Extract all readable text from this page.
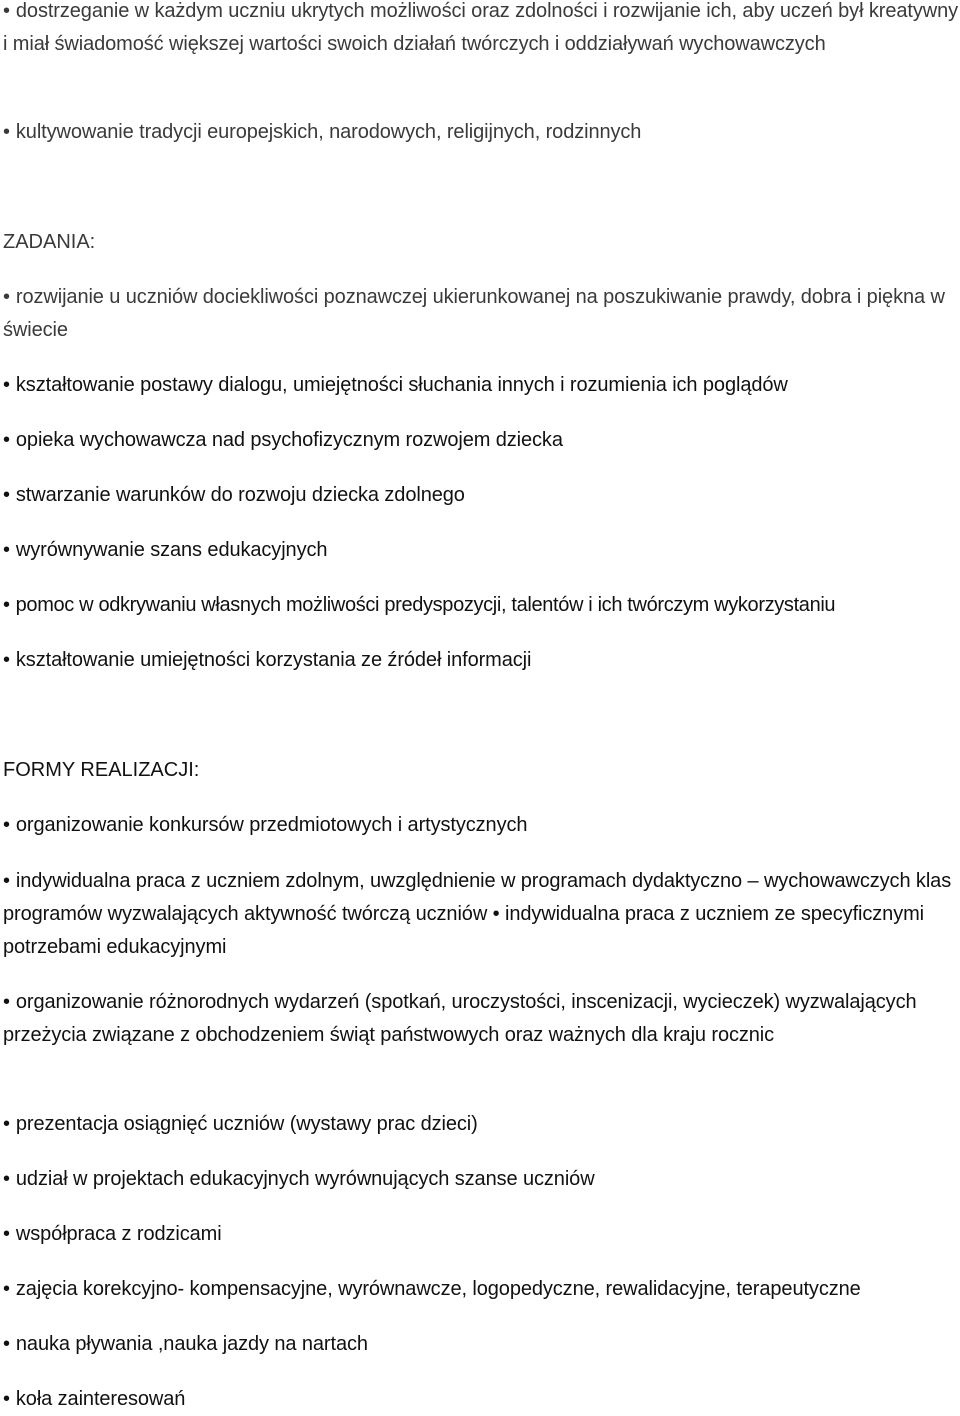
• dostrzeganie w każdym uczniu ukrytych możliwości oraz zdolności i rozwijanie ich, aby uczeń był kreatywny i miał świadomość większej wartości swoich działań twórczych i oddziaływań wychowawczych
• kultywowanie tradycji europejskich, narodowych, religijnych, rodzinnych
ZADANIA:
• rozwijanie u uczniów dociekliwości poznawczej ukierunkowanej na poszukiwanie prawdy, dobra i piękna w świecie
• kształtowanie postawy dialogu, umiejętności słuchania innych i rozumienia ich poglądów
• opieka wychowawcza nad psychofizycznym rozwojem dziecka
• stwarzanie warunków do rozwoju dziecka zdolnego
• wyrównywanie szans edukacyjnych
• pomoc w odkrywaniu własnych możliwości predyspozycji, talentów i ich twórczym wykorzystaniu
• kształtowanie umiejętności korzystania ze źródeł informacji
FORMY REALIZACJI:
• organizowanie konkursów przedmiotowych i artystycznych
• indywidualna praca z uczniem zdolnym, uwzględnienie w programach dydaktyczno – wychowawczych klas programów wyzwalających aktywność twórczą uczniów • indywidualna praca z uczniem ze specyficznymi potrzebami edukacyjnymi
• organizowanie różnorodnych wydarzeń (spotkań, uroczystości, inscenizacji, wycieczek) wyzwalających przeżycia związane z obchodzeniem świąt państwowych oraz ważnych dla kraju rocznic
• prezentacja osiągnięć uczniów (wystawy prac dzieci)
• udział w projektach edukacyjnych wyrównujących szanse uczniów
• współpraca z rodzicami
• zajęcia korekcyjno- kompensacyjne, wyrównawcze, logopedyczne, rewalidacyjne, terapeutyczne
• nauka pływania ,nauka jazdy na nartach
• koła zainteresowań
